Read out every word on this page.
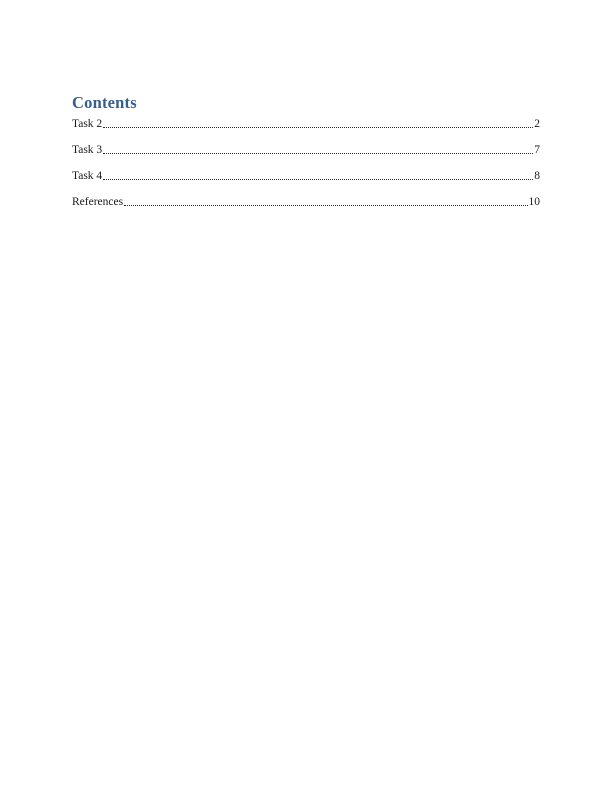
Contents
Task 2	2
Task 3	7
Task 4	8
References	10
